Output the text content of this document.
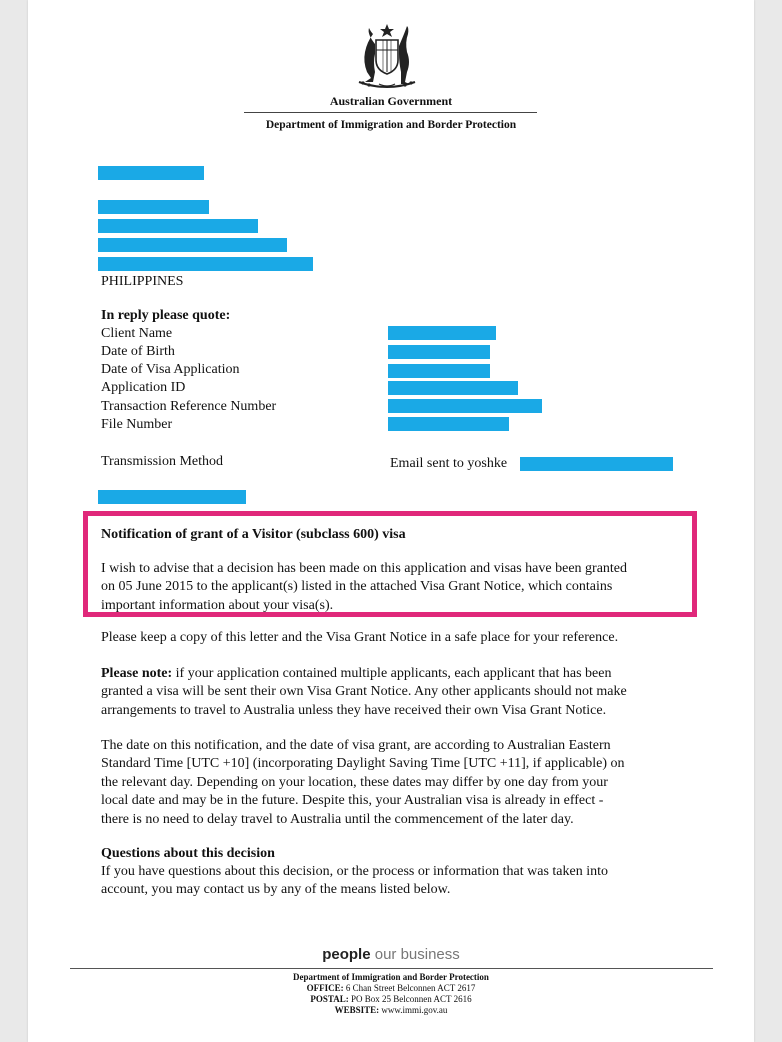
Australian Government
Department of Immigration and Border Protection
PHILIPPINES
In reply please quote:
Client Name
Date of Birth
Date of Visa Application
Application ID
Transaction Reference Number
File Number
Transmission Method	Email sent to yoshke
Notification of grant of a Visitor (subclass 600) visa
I wish to advise that a decision has been made on this application and visas have been granted
on 05 June 2015 to the applicant(s) listed in the attached Visa Grant Notice, which contains
important information about your visa(s).
Please keep a copy of this letter and the Visa Grant Notice in a safe place for your reference.
Please note: if your application contained multiple applicants, each applicant that has been
granted a visa will be sent their own Visa Grant Notice. Any other applicants should not make
arrangements to travel to Australia unless they have received their own Visa Grant Notice.
The date on this notification, and the date of visa grant, are according to Australian Eastern
Standard Time [UTC +10] (incorporating Daylight Saving Time [UTC +11], if applicable) on
the relevant day. Depending on your location, these dates may differ by one day from your
local date and may be in the future. Despite this, your Australian visa is already in effect -
there is no need to delay travel to Australia until the commencement of the later day.
Questions about this decision
If you have questions about this decision, or the process or information that was taken into
account, you may contact us by any of the means listed below.
people our business
Department of Immigration and Border Protection
OFFICE: 6 Chan Street Belconnen ACT 2617
POSTAL: PO Box 25 Belconnen ACT 2616
WEBSITE: www.immi.gov.au
